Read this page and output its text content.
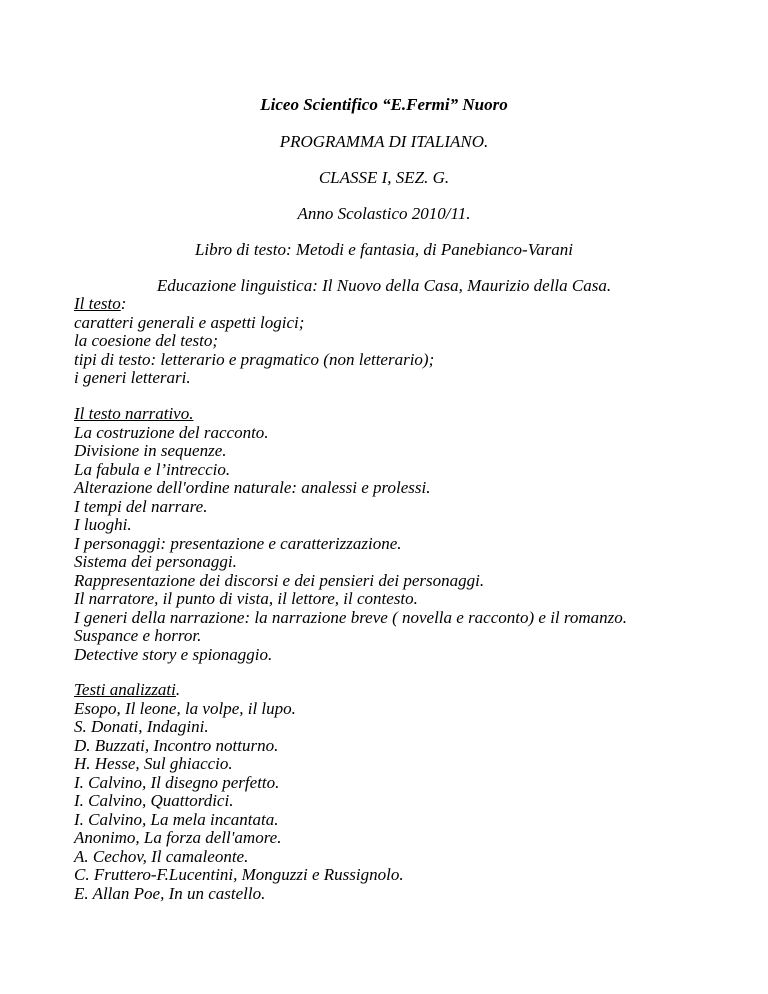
Liceo Scientifico “E.Fermi” Nuoro
PROGRAMMA DI ITALIANO.
CLASSE I, SEZ. G.
Anno Scolastico 2010/11.
Libro di testo: Metodi e fantasia, di Panebianco-Varani
Educazione linguistica: Il Nuovo della Casa, Maurizio della Casa.
Il testo:
caratteri generali e aspetti logici;
la coesione del testo;
tipi di testo: letterario e pragmatico (non letterario);
i generi letterari.
Il testo narrativo.
La costruzione del racconto.
Divisione in sequenze.
La fabula e l’intreccio.
Alterazione dell'ordine naturale: analessi e prolessi.
I tempi del narrare.
I luoghi.
I personaggi: presentazione e caratterizzazione.
Sistema dei personaggi.
Rappresentazione dei discorsi e dei pensieri dei personaggi.
Il narratore, il punto di vista, il lettore, il contesto.
I generi della narrazione: la narrazione breve ( novella e racconto) e il romanzo.
Suspance e horror.
Detective story e spionaggio.
Testi analizzati.
Esopo, Il leone, la volpe, il lupo.
S. Donati, Indagini.
D. Buzzati, Incontro notturno.
H. Hesse, Sul ghiaccio.
I. Calvino, Il disegno perfetto.
I. Calvino, Quattordici.
I. Calvino, La mela incantata.
Anonimo, La forza dell'amore.
A. Cechov, Il camaleonte.
C. Fruttero-F.Lucentini, Monguzzi e Russignolo.
E. Allan Poe, In un castello.
